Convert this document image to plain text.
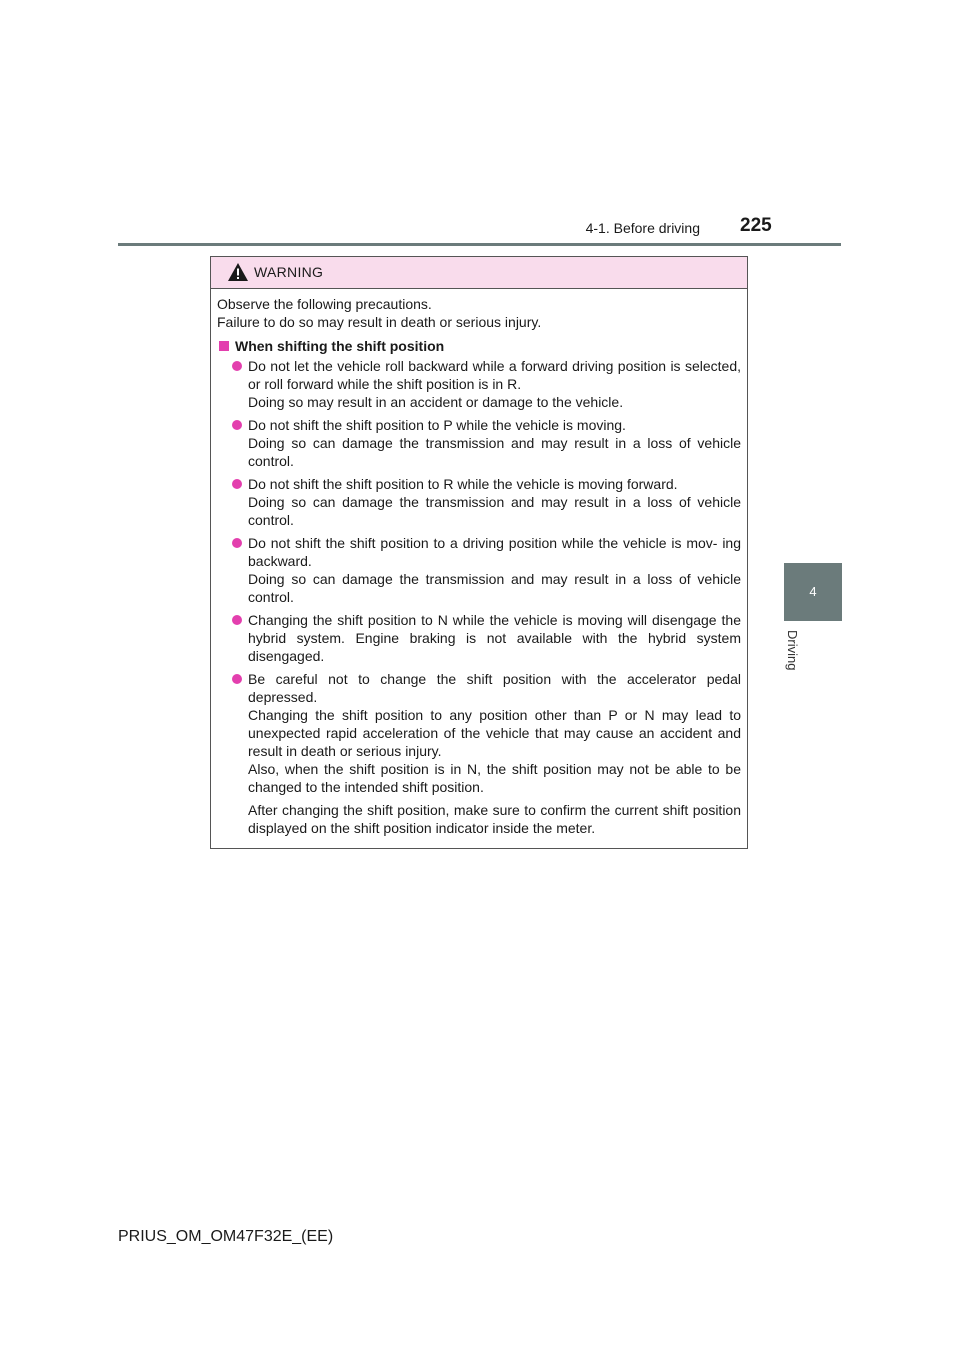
4-1. Before driving 225
4
Driving
WARNING

Observe the following precautions.

Failure to do so may result in death or serious injury.

When shifting the shift position

Do not let the vehicle roll backward while a forward driving position is selected, or roll forward while the shift position is in R.

Doing so may result in an accident or damage to the vehicle.

Do not shift the shift position to P while the vehicle is moving.

Doing so can damage the transmission and may result in a loss of vehicle control.

Do not shift the shift position to R while the vehicle is moving forward.

Doing so can damage the transmission and may result in a loss of vehicle control.

Do not shift the shift position to a driving position while the vehicle is mov- ing backward.

Doing so can damage the transmission and may result in a loss of vehicle control.

Changing the shift position to N while the vehicle is moving will disengage the hybrid system. Engine braking is not available with the hybrid system disengaged.

Be careful not to change the shift position with the accelerator pedal depressed.

Changing the shift position to any position other than P or N may lead to unexpected rapid acceleration of the vehicle that may cause an accident and result in death or serious injury.

Also, when the shift position is in N, the shift position may not be able to be changed to the intended shift position.

After changing the shift position, make sure to confirm the current shift position displayed on the shift position indicator inside the meter.
PRIUS_OM_OM47F32E_(EE)
